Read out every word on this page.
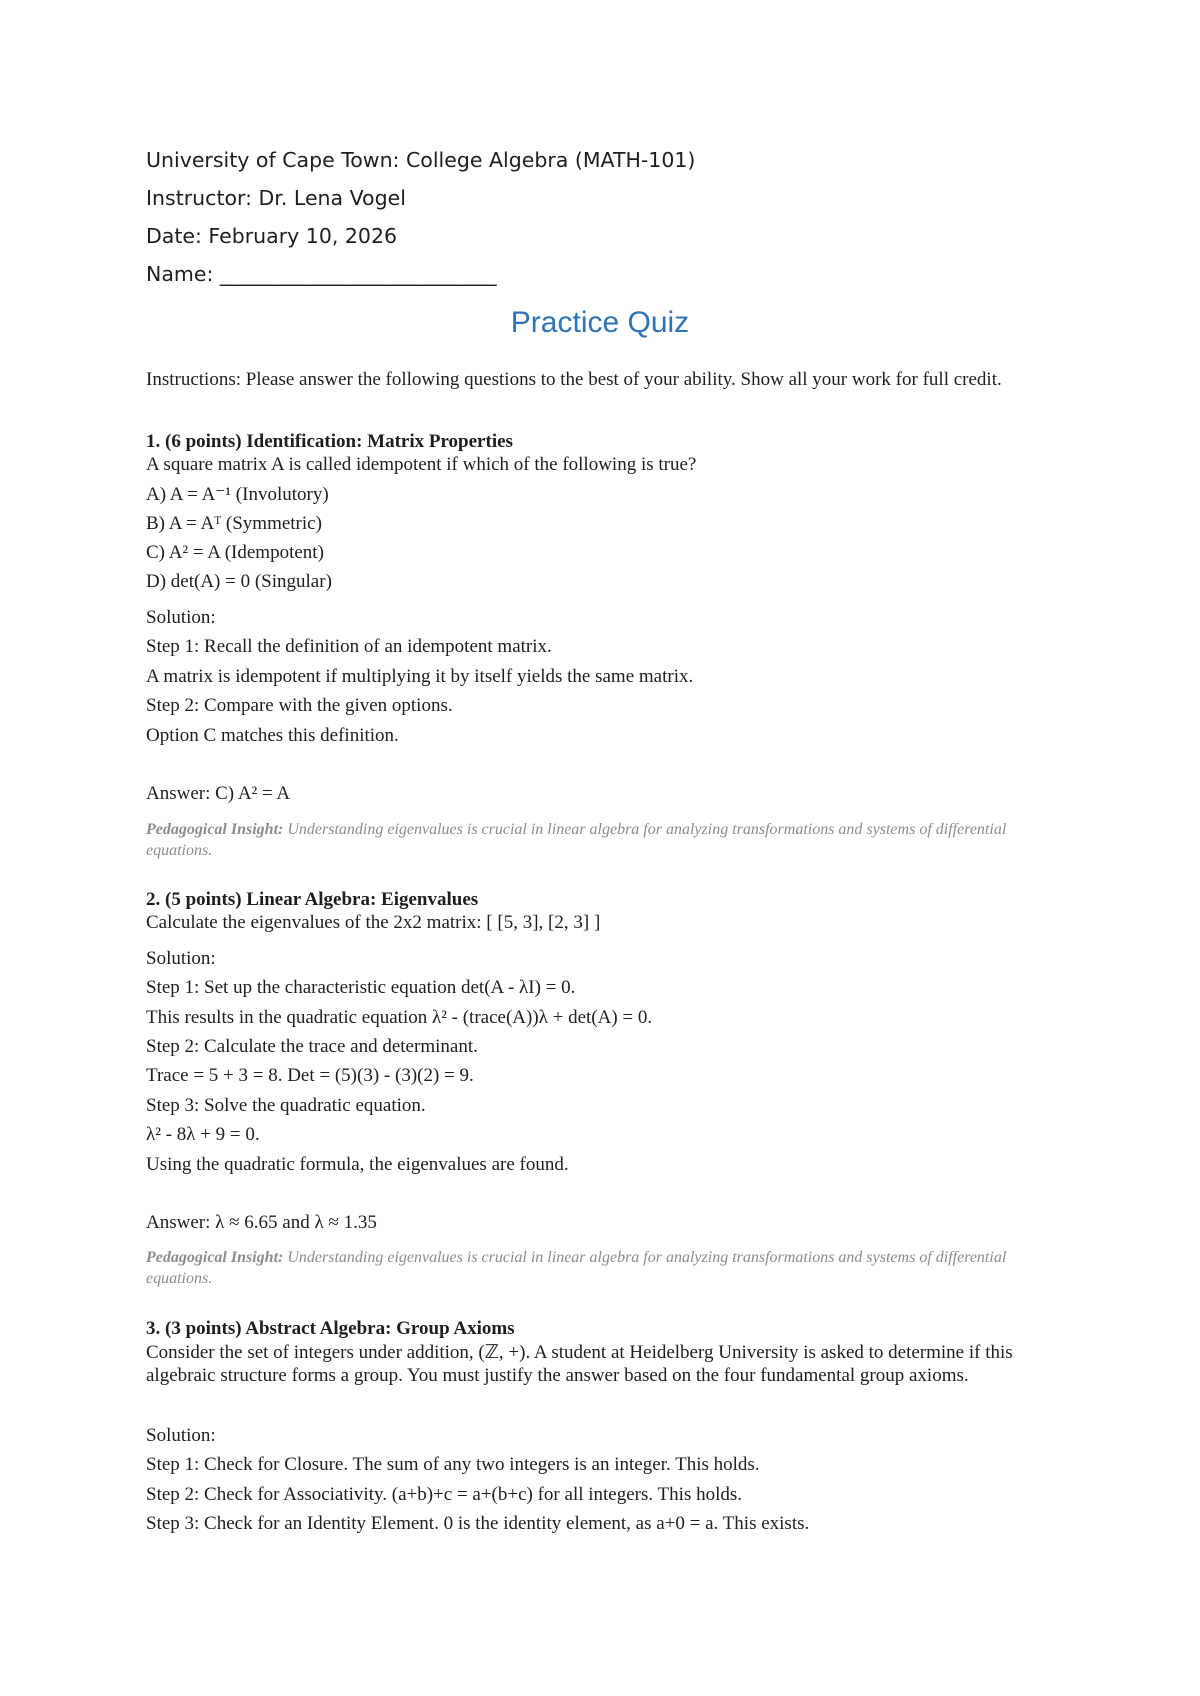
University of Cape Town: College Algebra (MATH-101)
Instructor: Dr. Lena Vogel
Date: February 10, 2026
Name: ___________________________
Practice Quiz
Instructions: Please answer the following questions to the best of your ability. Show all your work for full credit.
1. (6 points) Identification: Matrix Properties
A square matrix A is called idempotent if which of the following is true?
A) A = A⁻¹ (Involutory)
B) A = Aᵀ (Symmetric)
C) A² = A (Idempotent)
D) det(A) = 0 (Singular)
Solution:
Step 1: Recall the definition of an idempotent matrix.
A matrix is idempotent if multiplying it by itself yields the same matrix.
Step 2: Compare with the given options.
Option C matches this definition.
Answer: C) A² = A
Pedagogical Insight: Understanding eigenvalues is crucial in linear algebra for analyzing transformations and systems of differential equations.
2. (5 points) Linear Algebra: Eigenvalues
Calculate the eigenvalues of the 2x2 matrix: [ [5, 3], [2, 3] ]
Solution:
Step 1: Set up the characteristic equation det(A - λI) = 0.
This results in the quadratic equation λ² - (trace(A))λ + det(A) = 0.
Step 2: Calculate the trace and determinant.
Trace = 5 + 3 = 8. Det = (5)(3) - (3)(2) = 9.
Step 3: Solve the quadratic equation.
λ² - 8λ + 9 = 0.
Using the quadratic formula, the eigenvalues are found.
Answer: λ ≈ 6.65 and λ ≈ 1.35
Pedagogical Insight: Understanding eigenvalues is crucial in linear algebra for analyzing transformations and systems of differential equations.
3. (3 points) Abstract Algebra: Group Axioms
Consider the set of integers under addition, (ℤ, +). A student at Heidelberg University is asked to determine if this algebraic structure forms a group. You must justify the answer based on the four fundamental group axioms.
Solution:
Step 1: Check for Closure. The sum of any two integers is an integer. This holds.
Step 2: Check for Associativity. (a+b)+c = a+(b+c) for all integers. This holds.
Step 3: Check for an Identity Element. 0 is the identity element, as a+0 = a. This exists.
